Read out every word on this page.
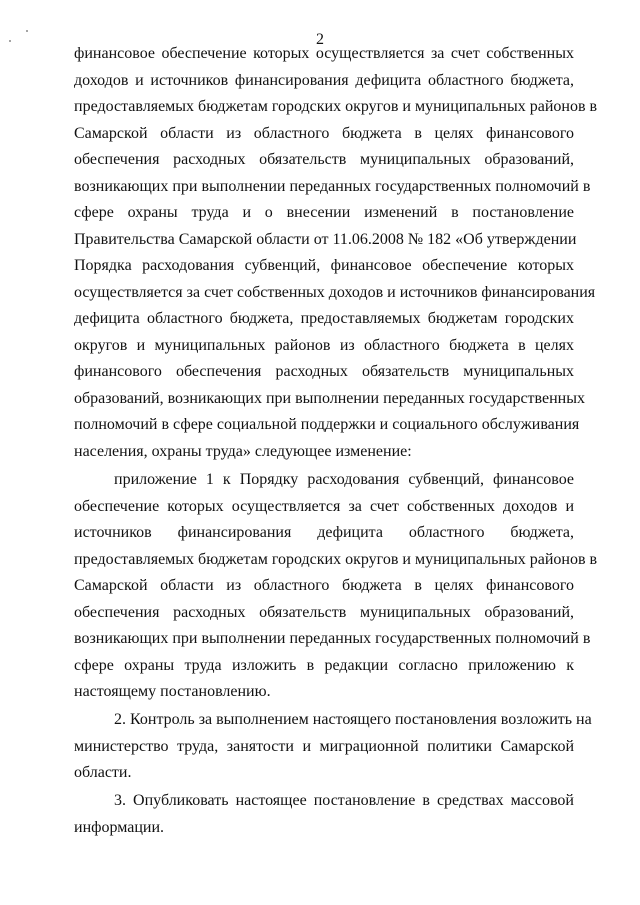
2
финансовое обеспечение которых осуществляется за счет собственных
доходов и источников финансирования дефицита областного бюджета,
предоставляемых бюджетам городских округов и муниципальных районов в
Самарской области из областного бюджета в целях финансового
обеспечения расходных обязательств муниципальных образований,
возникающих при выполнении переданных государственных полномочий в
сфере охраны труда и о внесении изменений в постановление
Правительства Самарской области от 11.06.2008 № 182 «Об утверждении
Порядка расходования субвенций, финансовое обеспечение которых
осуществляется за счет собственных доходов и источников финансирования
дефицита областного бюджета, предоставляемых бюджетам городских
округов и муниципальных районов из областного бюджета в целях
финансового обеспечения расходных обязательств муниципальных
образований, возникающих при выполнении переданных государственных
полномочий в сфере социальной поддержки и социального обслуживания
населения, охраны труда» следующее изменение:
приложение 1 к Порядку расходования субвенций, финансовое
обеспечение которых осуществляется за счет собственных доходов и
источников финансирования дефицита областного бюджета,
предоставляемых бюджетам городских округов и муниципальных районов в
Самарской области из областного бюджета в целях финансового
обеспечения расходных обязательств муниципальных образований,
возникающих при выполнении переданных государственных полномочий в
сфере охраны труда изложить в редакции согласно приложению к
настоящему постановлению.
2. Контроль за выполнением настоящего постановления возложить на
министерство труда, занятости и миграционной политики Самарской
области.
3. Опубликовать настоящее постановление в средствах массовой
информации.
